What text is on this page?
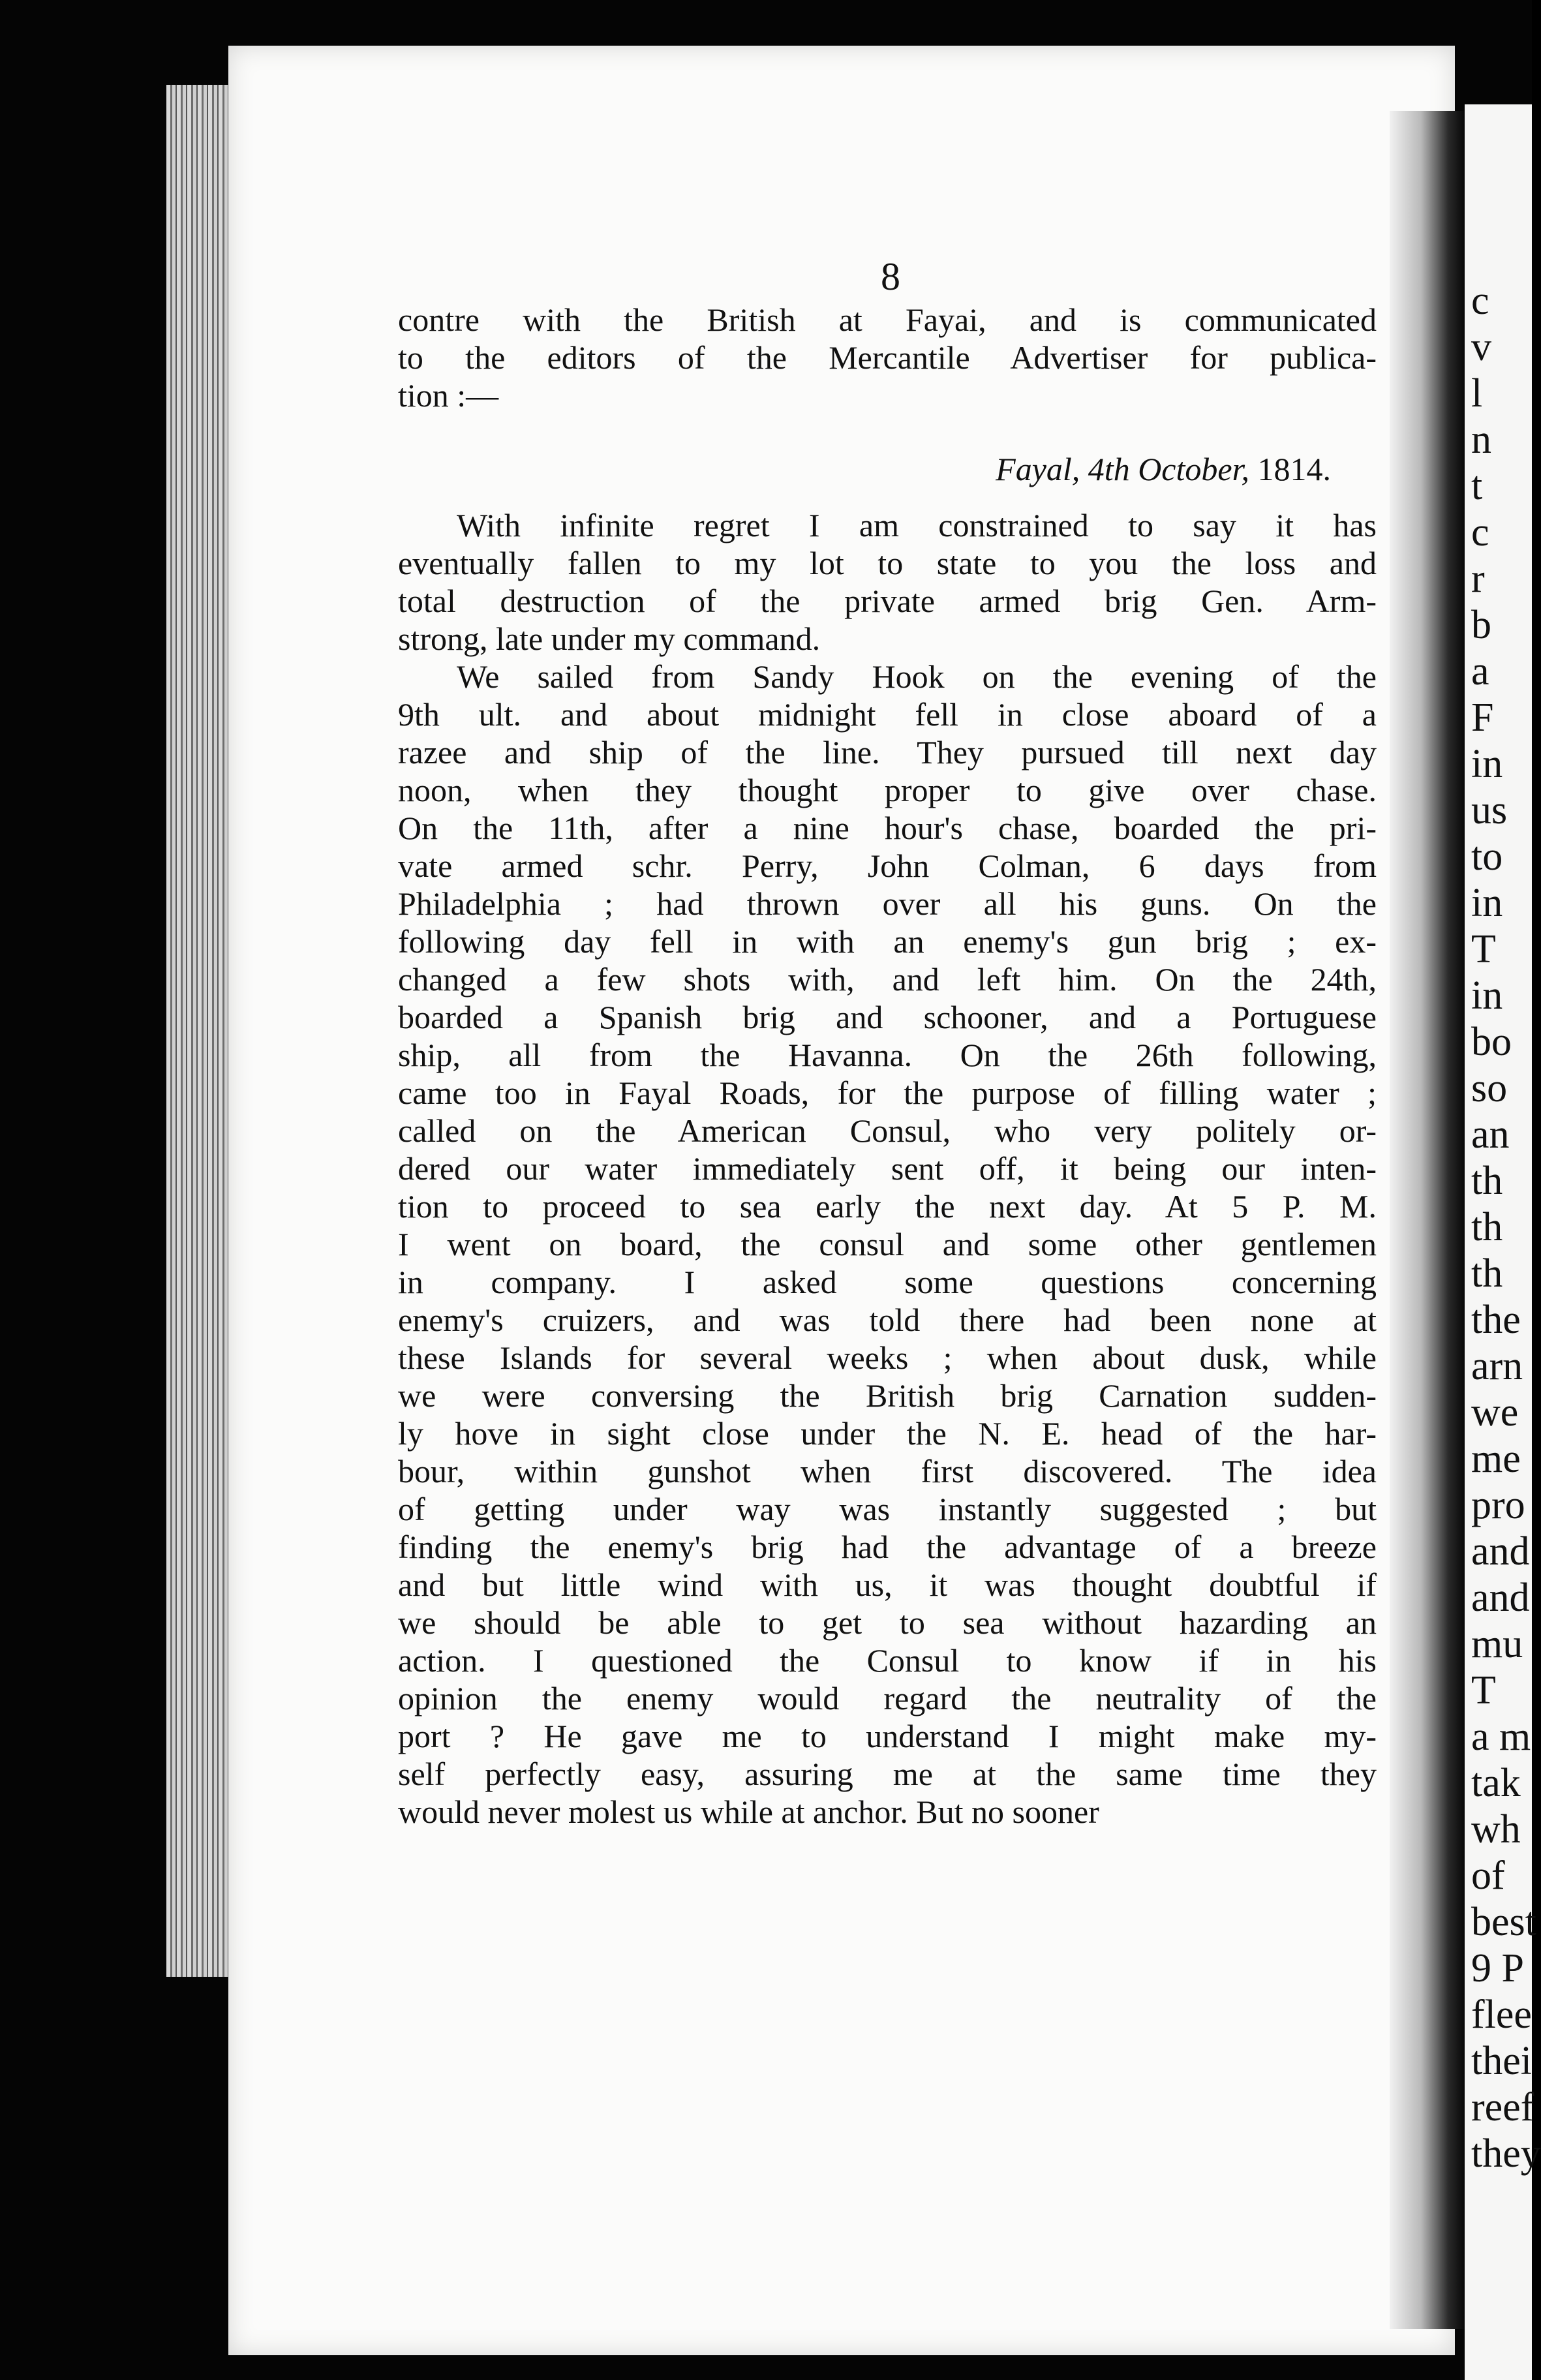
c
v
l
n
t
c
r
b
a
F
in
us
to
in
T
in
bo
so
an
th
th
th
the
arn
we
me
pro
and
and
mu
T
a m
tak
wh
of
best
9 P
flee
thei
reef
they
8
contre with the British at Fayai, and is communicated
to the editors of the Mercantile Advertiser for publica-
tion :—
Fayal, 4th October, 1814.
With infinite regret I am constrained to say it has
eventually fallen to my lot to state to you the loss and
total destruction of the private armed brig Gen. Arm-
strong, late under my command.
We sailed from Sandy Hook on the evening of the
9th ult. and about midnight fell in close aboard of a
razee and ship of the line. They pursued till next day
noon, when they thought proper to give over chase.
On the 11th, after a nine hour's chase, boarded the pri-
vate armed schr. Perry, John Colman, 6 days from
Philadelphia ; had thrown over all his guns. On the
following day fell in with an enemy's gun brig ; ex-
changed a few shots with, and left him. On the 24th,
boarded a Spanish brig and schooner, and a Portuguese
ship, all from the Havanna. On the 26th following,
came too in Fayal Roads, for the purpose of filling water ;
called on the American Consul, who very politely or-
dered our water immediately sent off, it being our inten-
tion to proceed to sea early the next day. At 5 P. M.
I went on board, the consul and some other gentlemen
in company. I asked some questions concerning
enemy's cruizers, and was told there had been none at
these Islands for several weeks ; when about dusk, while
we were conversing the British brig Carnation sudden-
ly hove in sight close under the N. E. head of the har-
bour, within gunshot when first discovered. The idea
of getting under way was instantly suggested ; but
finding the enemy's brig had the advantage of a breeze
and but little wind with us, it was thought doubtful if
we should be able to get to sea without hazarding an
action. I questioned the Consul to know if in his
opinion the enemy would regard the neutrality of the
port ? He gave me to understand I might make my-
self perfectly easy, assuring me at the same time they
would never molest us while at anchor. But no sooner
